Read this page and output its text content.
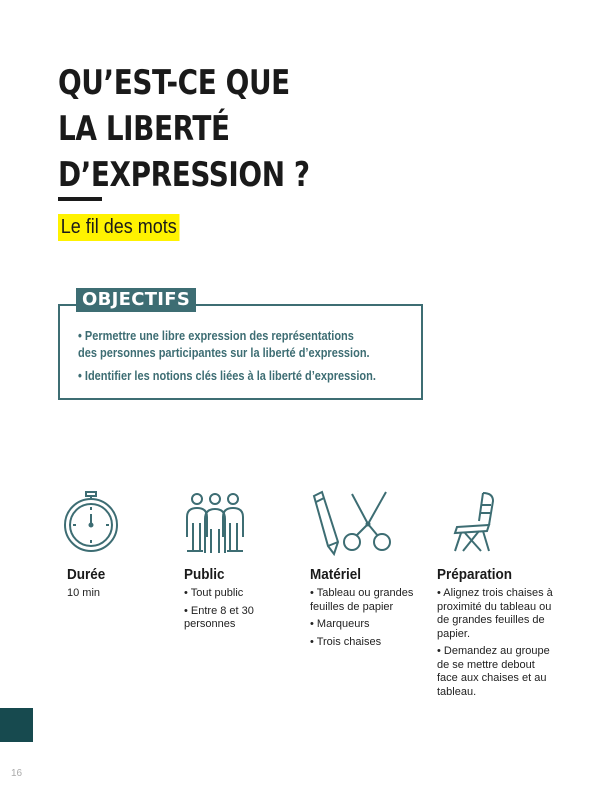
QU’EST-CE QUE
LA LIBERTÉ
D’EXPRESSION ?
Le fil des mots
OBJECTIFS
• Permettre une libre expression des représentations
des personnes participantes sur la liberté d’expression.
• Identifier les notions clés liées à la liberté d’expression.
Durée

10 min

Public

• Tout public

• Entre 8 et 30 personnes

Matériel

• Tableau ou grandes feuilles de papier

• Marqueurs

• Trois chaises

Préparation

• Alignez trois chaises à proximité du tableau ou de grandes feuilles de papier.

• Demandez au groupe de se mettre debout face aux chaises et au tableau.

16
